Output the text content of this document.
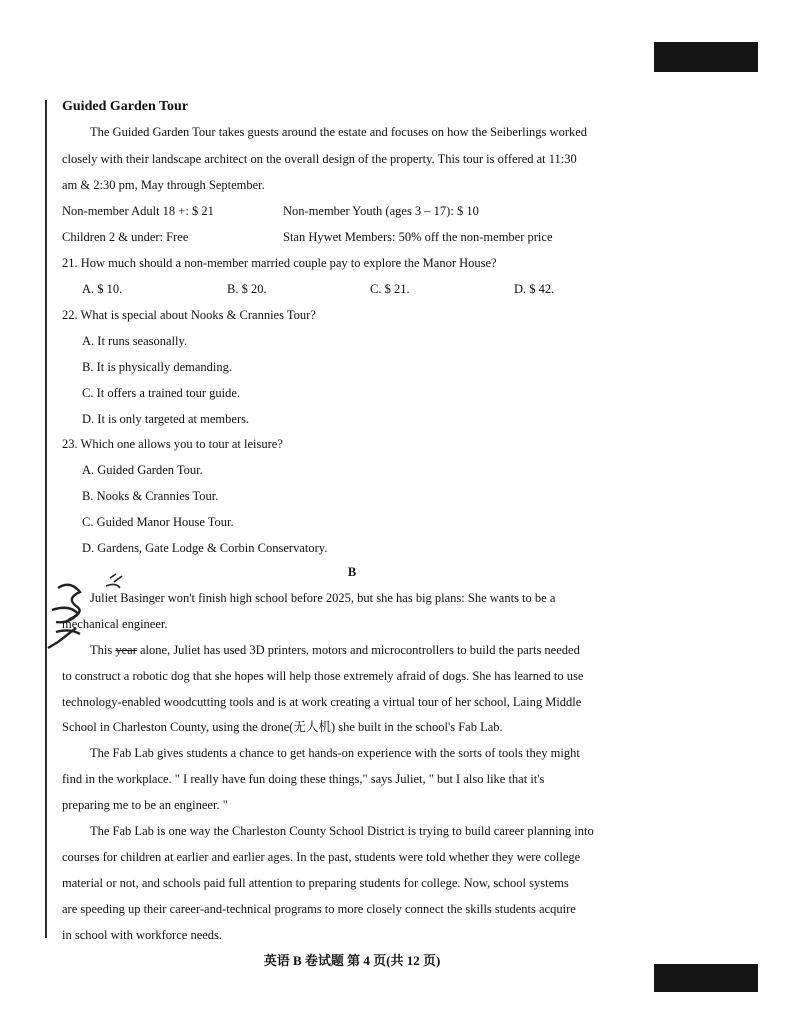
Guided Garden Tour
The Guided Garden Tour takes guests around the estate and focuses on how the Seiberlings worked
closely with their landscape architect on the overall design of the property. This tour is offered at 11:30
am & 2:30 pm, May through September.
Non-member Adult 18 +: $ 21	Non-member Youth (ages 3 – 17): $ 10
Children 2 & under: Free	Stan Hywet Members: 50% off the non-member price
21. How much should a non-member married couple pay to explore the Manor House?
A. $ 10.	B. $ 20.	C. $ 21.	D. $ 42.
22. What is special about Nooks & Crannies Tour?
A. It runs seasonally.
B. It is physically demanding.
C. It offers a trained tour guide.
D. It is only targeted at members.
23. Which one allows you to tour at leisure?
A. Guided Garden Tour.
B. Nooks & Crannies Tour.
C. Guided Manor House Tour.
D. Gardens, Gate Lodge & Corbin Conservatory.
B
Juliet Basinger won't finish high school before 2025, but she has big plans: She wants to be a
mechanical engineer.
This year alone, Juliet has used 3D printers, motors and microcontrollers to build the parts needed
to construct a robotic dog that she hopes will help those extremely afraid of dogs. She has learned to use
technology-enabled woodcutting tools and is at work creating a virtual tour of her school, Laing Middle
School in Charleston County, using the drone(无人机) she built in the school's Fab Lab.
The Fab Lab gives students a chance to get hands-on experience with the sorts of tools they might
find in the workplace. " I really have fun doing these things," says Juliet, " but I also like that it's
preparing me to be an engineer. "
The Fab Lab is one way the Charleston County School District is trying to build career planning into
courses for children at earlier and earlier ages. In the past, students were told whether they were college
material or not, and schools paid full attention to preparing students for college. Now, school systems
are speeding up their career-and-technical programs to more closely connect the skills students acquire
in school with workforce needs.
英语 B 卷试题 第 4 页(共 12 页)
